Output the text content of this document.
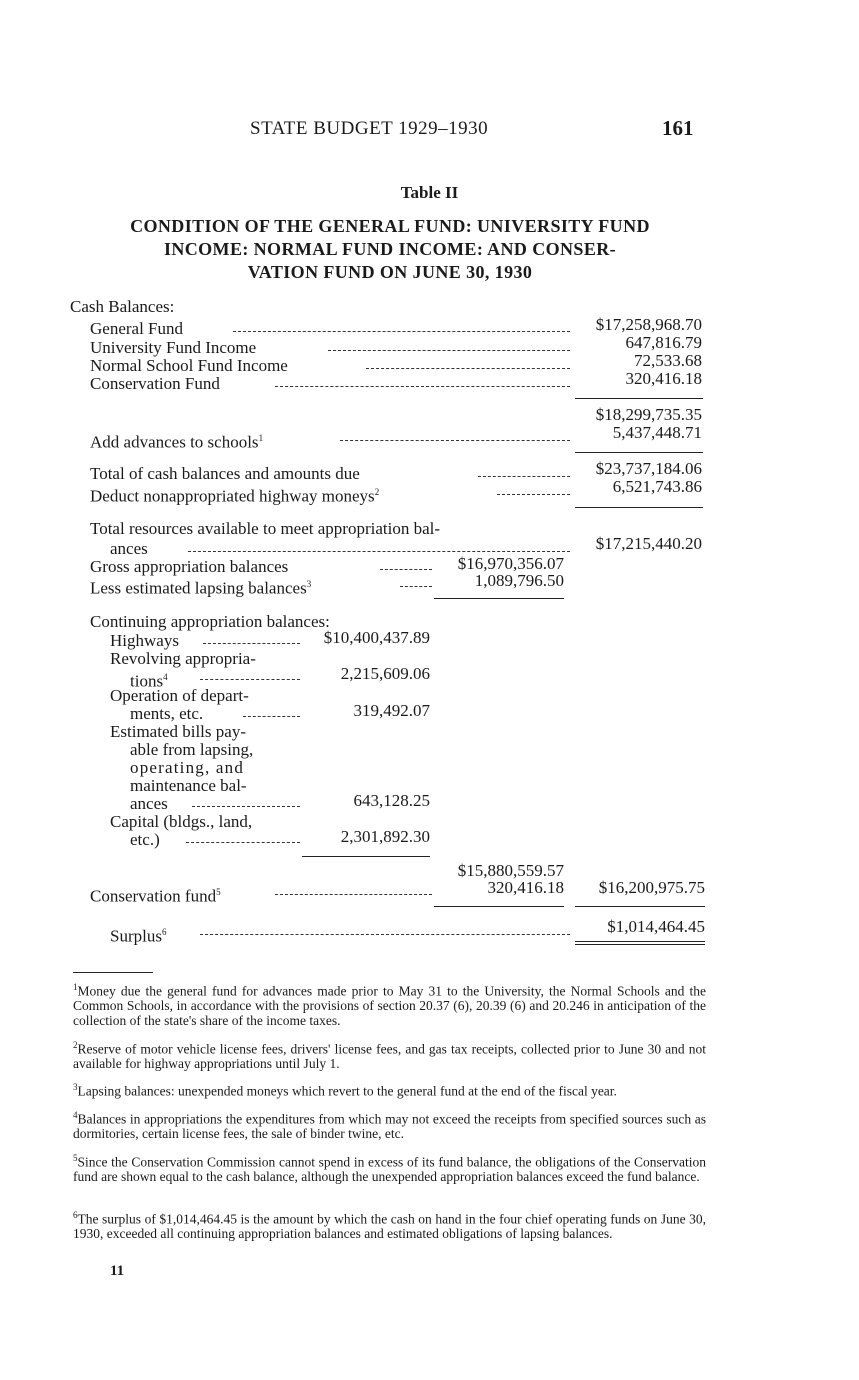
STATE BUDGET 1929–1930	161
Table II
CONDITION OF THE GENERAL FUND: UNIVERSITY FUND
INCOME: NORMAL FUND INCOME: AND CONSER-
VATION FUND ON JUNE 30, 1930
Cash Balances:
General Fund	$17,258,968.70
University Fund Income	647,816.79
Normal School Fund Income	72,533.68
Conservation Fund	320,416.18
$18,299,735.35
Add advances to schools$^1$	5,437,448.71
Total of cash balances and amounts due	$23,737,184.06
Deduct nonappropriated highway moneys$^2$	6,521,743.86
Total resources available to meet appropriation bal-
ances	$17,215,440.20
Gross appropriation balances	$16,970,356.07
Less estimated lapsing balances$^3$	1,089,796.50
Continuing appropriation balances:
Highways	$10,400,437.89
Revolving appropria-
tions$^4$	2,215,609.06
Operation of depart-
ments, etc.	319,492.07
Estimated bills pay-
able from lapsing,
operating, and
maintenance bal-
ances	643,128.25
Capital (bldgs., land,
etc.)	2,301,892.30
$15,880,559.57
Conservation fund$^5$	320,416.18	$16,200,975.75
Surplus$^6$	$1,014,464.45
$^1$Money due the general fund for advances made prior to May 31 to the University, the Normal Schools and the Common Schools, in accordance with the provisions of section 20.37 (6), 20.39 (6) and 20.246 in anticipation of the collection of the state's share of the income taxes.
$^2$Reserve of motor vehicle license fees, drivers' license fees, and gas tax receipts, collected prior to June 30 and not available for highway appropriations until July 1.
$^3$Lapsing balances: unexpended moneys which revert to the general fund at the end of the fiscal year.
$^4$Balances in appropriations the expenditures from which may not exceed the receipts from specified sources such as dormitories, certain license fees, the sale of binder twine, etc.
$^5$Since the Conservation Commission cannot spend in excess of its fund balance, the obligations of the Conservation fund are shown equal to the cash balance, although the unexpended appropriation balances exceed the fund balance.
$^6$The surplus of $1,014,464.45 is the amount by which the cash on hand in the four chief operating funds on June 30, 1930, exceeded all continuing appropriation balances and estimated obligations of lapsing balances.
11
